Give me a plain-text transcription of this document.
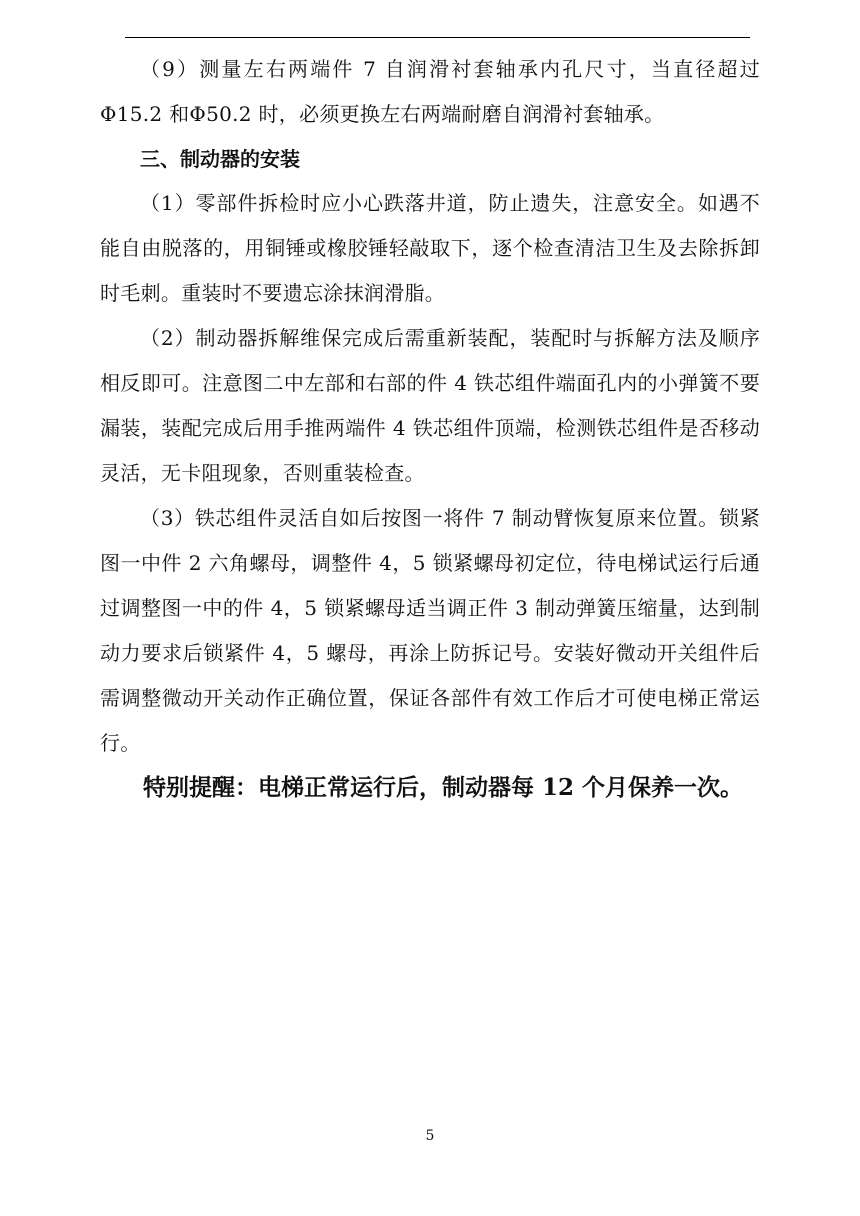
（9）测量左右两端件 7 自润滑衬套轴承内孔尺寸，当直径超过Φ15.2 和Φ50.2 时，必须更换左右两端耐磨自润滑衬套轴承。

三、制动器的安装

（1）零部件拆检时应小心跌落井道，防止遗失，注意安全。如遇不能自由脱落的，用铜锤或橡胶锤轻敲取下，逐个检查清洁卫生及去除拆卸时毛刺。重装时不要遗忘涂抹润滑脂。

（2）制动器拆解维保完成后需重新装配，装配时与拆解方法及顺序相反即可。注意图二中左部和右部的件 4 铁芯组件端面孔内的小弹簧不要漏装，装配完成后用手推两端件 4 铁芯组件顶端，检测铁芯组件是否移动灵活，无卡阻现象，否则重装检查。

（3）铁芯组件灵活自如后按图一将件 7 制动臂恢复原来位置。锁紧图一中件 2 六角螺母，调整件 4，5 锁紧螺母初定位，待电梯试运行后通过调整图一中的件 4，5 锁紧螺母适当调正件 3 制动弹簧压缩量，达到制动力要求后锁紧件 4，5 螺母，再涂上防拆记号。安装好微动开关组件后需调整微动开关动作正确位置，保证各部件有效工作后才可使电梯正常运行。

特别提醒：电梯正常运行后，制动器每 12 个月保养一次。

5
